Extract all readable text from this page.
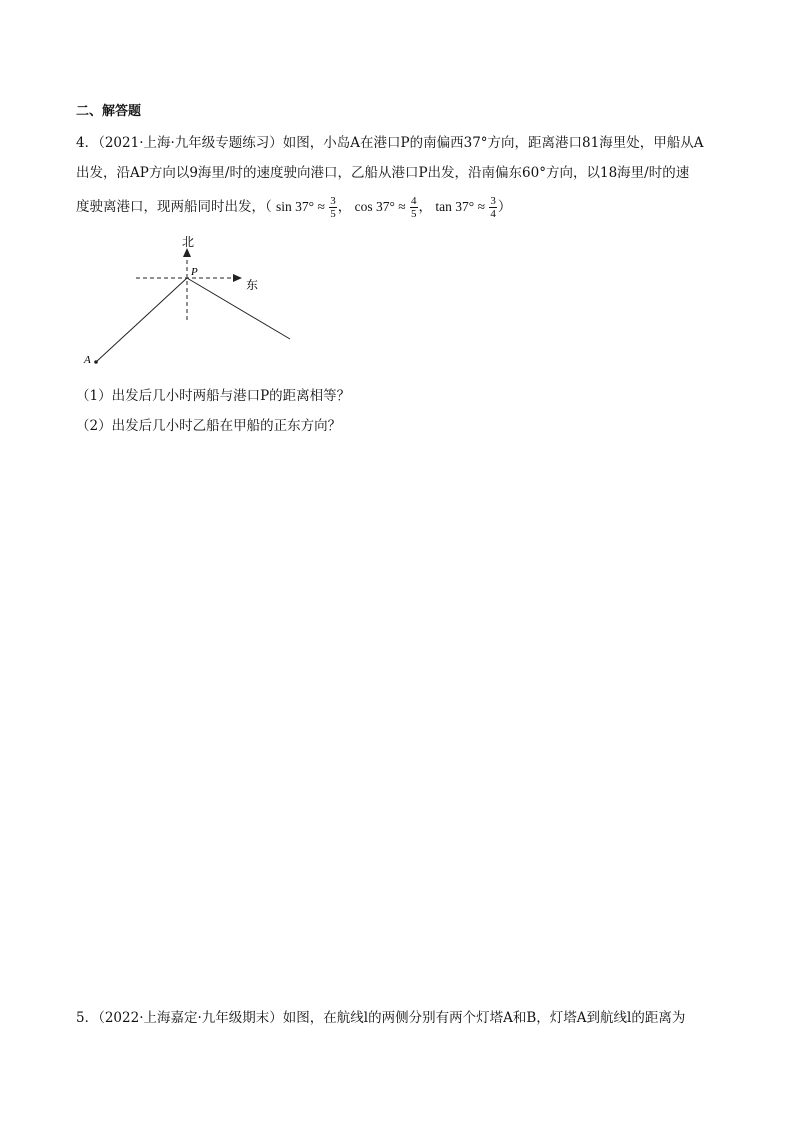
二、解答题
4．（2021·上海·九年级专题练习）如图，小岛A在港口P的南偏西37°方向，距离港口81海里处，甲船从A
出发，沿AP方向以9海里/时的速度驶向港口，乙船从港口P出发，沿南偏东60°方向，以18海里/时的速
度驶离港口，现两船同时出发，（ $\sin 37^\circ \approx \frac{3}{5}$ ， $\cos 37^\circ \approx \frac{4}{5}$ ， $\tan 37^\circ \approx \frac{3}{4}$ ）
北
东
P
A
（1）出发后几小时两船与港口P的距离相等？
（2）出发后几小时乙船在甲船的正东方向？
5．（2022·上海嘉定·九年级期末）如图，在航线l的两侧分别有两个灯塔A和B，灯塔A到航线l的距离为
